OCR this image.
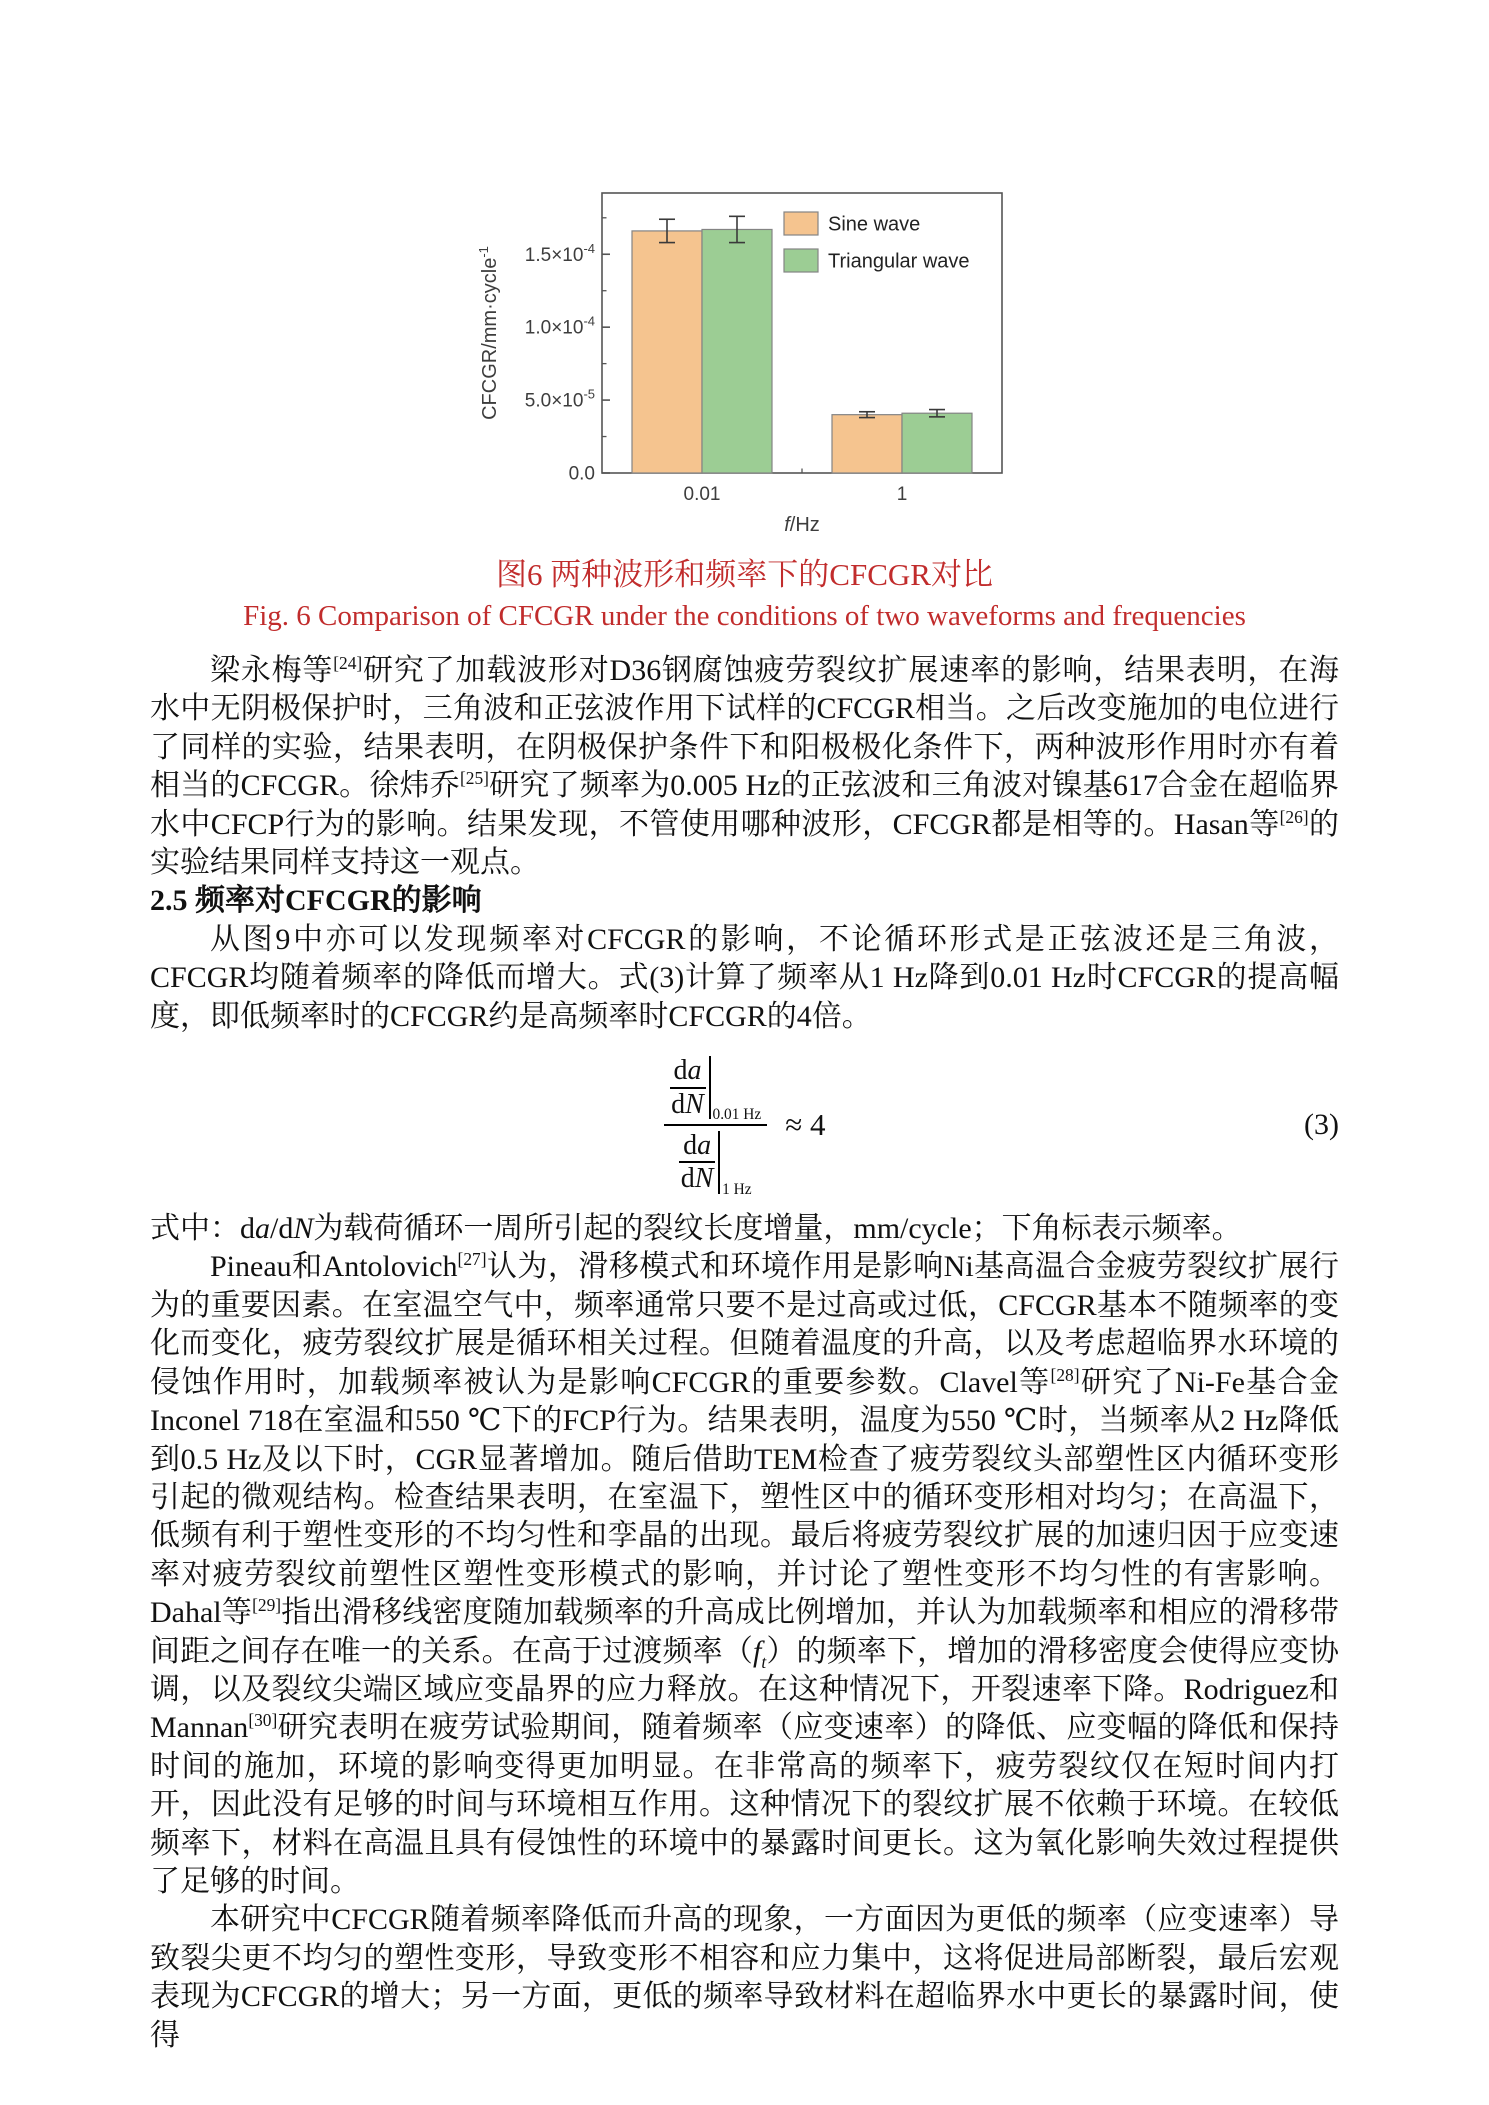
0.0
$5.0\times 10^{-5}$
$1.0\times 10^{-4}$
$1.5\times 10^{-4}$
0.01	1
f/Hz
CFCGR/mm·cycle$^{-1}$
Sine wave
Triangular wave
图6 两种波形和频率下的CFCGR对比
Fig. 6 Comparison of CFCGR under the conditions of two waveforms and frequencies

梁永梅等[24]研究了加载波形对D36钢腐蚀疲劳裂纹扩展速率的影响，结果表明，在海水中无阴极保护时，三角波和正弦波作用下试样的CFCGR相当。之后改变施加的电位进行了同样的实验，结果表明，在阴极保护条件下和阳极极化条件下，两种波形作用时亦有着相当的CFCGR。徐炜乔[25]研究了频率为0.005 Hz的正弦波和三角波对镍基617合金在超临界水中CFCP行为的影响。结果发现，不管使用哪种波形，CFCGR都是相等的。Hasan等[26]的实验结果同样支持这一观点。

2.5 频率对CFCGR的影响

从图9中亦可以发现频率对CFCGR的影响，不论循环形式是正弦波还是三角波，CFCGR均随着频率的降低而增大。式(3)计算了频率从1 Hz降到0.01 Hz时CFCGR的提高幅度，即低频率时的CFCGR约是高频率时CFCGR的4倍。

da
dN 0.01 Hz
da
dN 1 Hz
≈ 4	(3)

式中：da/dN为载荷循环一周所引起的裂纹长度增量，mm/cycle；下角标表示频率。

Pineau和Antolovich[27]认为，滑移模式和环境作用是影响Ni基高温合金疲劳裂纹扩展行为的重要因素。在室温空气中，频率通常只要不是过高或过低，CFCGR基本不随频率的变化而变化，疲劳裂纹扩展是循环相关过程。但随着温度的升高，以及考虑超临界水环境的侵蚀作用时，加载频率被认为是影响CFCGR的重要参数。Clavel等[28]研究了Ni-Fe基合金Inconel 718在室温和550 ℃下的FCP行为。结果表明，温度为550 ℃时，当频率从2 Hz降低到0.5 Hz及以下时，CGR显著增加。随后借助TEM检查了疲劳裂纹头部塑性区内循环变形引起的微观结构。检查结果表明，在室温下，塑性区中的循环变形相对均匀；在高温下，低频有利于塑性变形的不均匀性和孪晶的出现。最后将疲劳裂纹扩展的加速归因于应变速率对疲劳裂纹前塑性区塑性变形模式的影响，并讨论了塑性变形不均匀性的有害影响。Dahal等[29]指出滑移线密度随加载频率的升高成比例增加，并认为加载频率和相应的滑移带间距之间存在唯一的关系。在高于过渡频率$(f_t)$的频率下，增加的滑移密度会使得应变协调，以及裂纹尖端区域应变晶界的应力释放。在这种情况下，开裂速率下降。Rodriguez和Mannan[30]研究表明在疲劳试验期间，随着频率（应变速率）的降低、应变幅的降低和保持时间的施加，环境的影响变得更加明显。在非常高的频率下，疲劳裂纹仅在短时间内打开，因此没有足够的时间与环境相互作用。这种情况下的裂纹扩展不依赖于环境。在较低频率下，材料在高温且具有侵蚀性的环境中的暴露时间更长。这为氧化影响失效过程提供了足够的时间。

本研究中CFCGR随着频率降低而升高的现象，一方面因为更低的频率（应变速率）导致裂尖更不均匀的塑性变形，导致变形不相容和应力集中，这将促进局部断裂，最后宏观表现为CFCGR的增大；另一方面，更低的频率导致材料在超临界水中更长的暴露时间，使得
